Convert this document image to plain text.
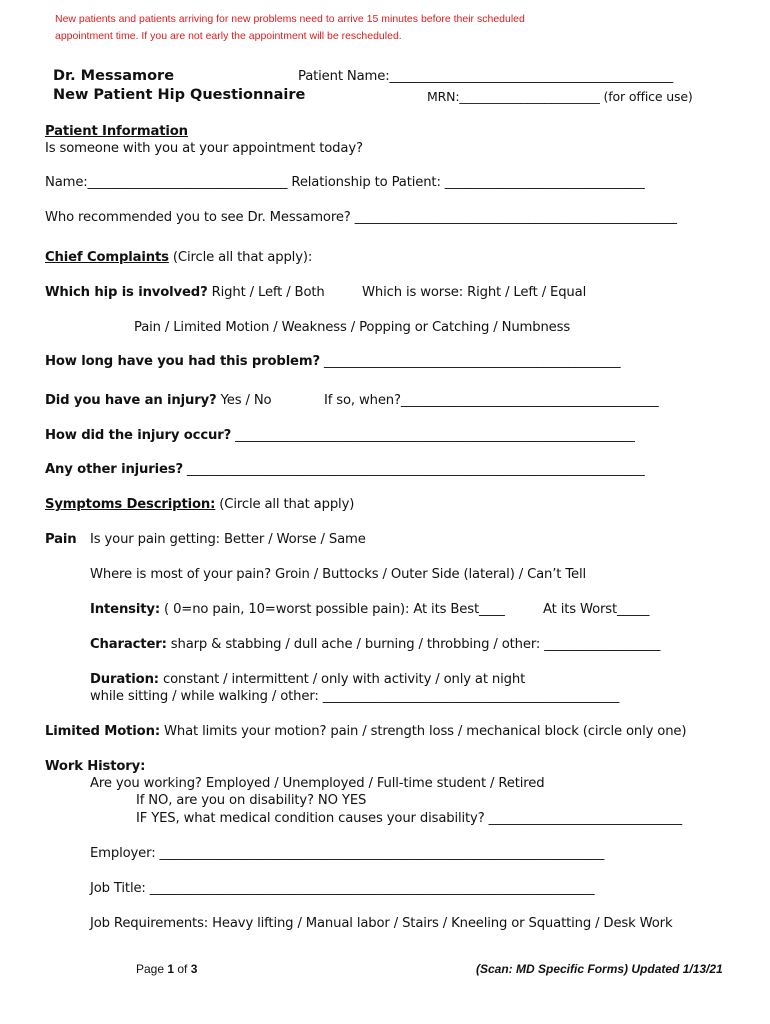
New patients and patients arriving for new problems need to arrive 15 minutes before their scheduled
appointment time. If you are not early the appointment will be rescheduled.
Dr. Messamore
New Patient Hip Questionnaire
Patient Name:____________________________________________
MRN:_______________________ (for office use)
Patient Information
Is someone with you at your appointment today?
Name:_______________________________ Relationship to Patient: _______________________________
Who recommended you to see Dr. Messamore? __________________________________________________
Chief Complaints (Circle all that apply):
Which hip is involved? Right / Left / Both	Which is worse: Right / Left / Equal
Pain / Limited Motion / Weakness / Popping or Catching / Numbness
How long have you had this problem? ______________________________________________
Did you have an injury? Yes / No	If so, when?________________________________________
How did the injury occur? ______________________________________________________________
Any other injuries? _______________________________________________________________________
Symptoms Description: (Circle all that apply)
Pain Is your pain getting: Better / Worse / Same
Where is most of your pain? Groin / Buttocks / Outer Side (lateral) / Can’t Tell
Intensity: ( 0=no pain, 10=worst possible pain): At its Best____	At its Worst_____
Character: sharp & stabbing / dull ache / burning / throbbing / other: __________________
Duration: constant / intermittent / only with activity / only at night
while sitting / while walking / other: ______________________________________________
Limited Motion: What limits your motion? pain / strength loss / mechanical block (circle only one)
Work History:
Are you working? Employed / Unemployed / Full-time student / Retired
If NO, are you on disability? NO YES
IF YES, what medical condition causes your disability? ______________________________
Employer: _____________________________________________________________________
Job Title: _____________________________________________________________________
Job Requirements: Heavy lifting / Manual labor / Stairs / Kneeling or Squatting / Desk Work
Page 1 of 3	(Scan: MD Specific Forms) Updated 1/13/21
